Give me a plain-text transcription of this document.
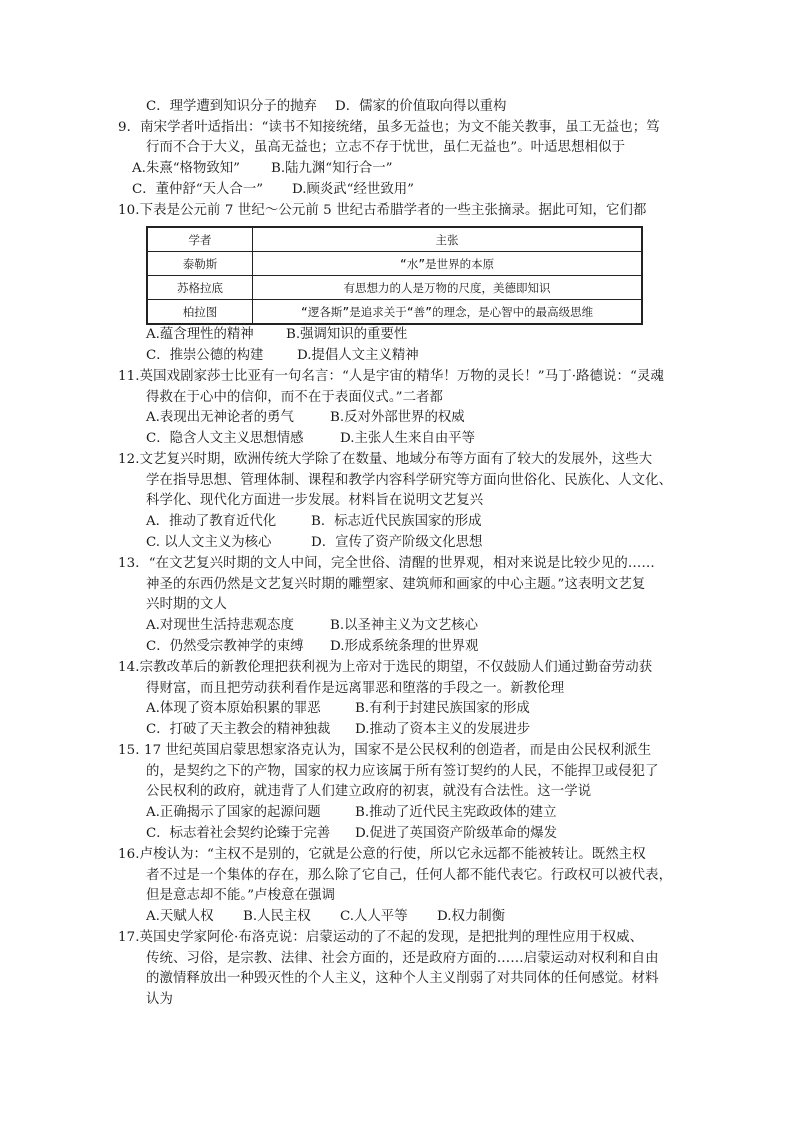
C．理学遭到知识分子的抛弃 D．儒家的价值取向得以重构
9．南宋学者叶适指出：“读书不知接统绪，虽多无益也；为文不能关教事，虽工无益也；笃
行而不合于大义，虽高无益也；立志不存于忧世，虽仁无益也”。叶适思想相似于
A.朱熹“格物致知” B.陆九渊“知行合一”
C．董仲舒“天人合一” D.顾炎武“经世致用”
10.下表是公元前 7 世纪～公元前 5 世纪古希腊学者的一些主张摘录。据此可知，它们都
学者	主张
泰勒斯	“水”是世界的本原
苏格拉底	有思想力的人是万物的尺度，美德即知识
柏拉图	“逻各斯”是追求关于“善”的理念，是心智中的最高级思维
A.蕴含理性的精神 B.强调知识的重要性
C．推崇公德的构建	D.提倡人文主义精神
11.英国戏剧家莎士比亚有一句名言：“人是宇宙的精华！万物的灵长！”马丁·路德说：“灵魂
得救在于心中的信仰，而不在于表面仪式。”二者都
A.表现出无神论者的勇气	B.反对外部世界的权威
C．隐含人文主义思想情感	D.主张人生来自由平等
12.文艺复兴时期，欧洲传统大学除了在数量、地域分布等方面有了较大的发展外，这些大
学在指导思想、管理体制、课程和教学内容科学研究等方面向世俗化、民族化、人文化、
科学化、现代化方面进一步发展。材料旨在说明文艺复兴
A．推动了教育近代化	B．标志近代民族国家的形成
C. 以人文主义为核心	D．宣传了资产阶级文化思想
13．“在文艺复兴时期的文人中间，完全世俗、清醒的世界观，相对来说是比较少见的……
神圣的东西仍然是文艺复兴时期的雕塑家、建筑师和画家的中心主题。”这表明文艺复
兴时期的文人
A.对现世生活持悲观态度	B.以圣神主义为文艺核心
C．仍然受宗教神学的束缚 D.形成系统条理的世界观
14.宗教改革后的新教伦理把获利视为上帝对于选民的期望，不仅鼓励人们通过勤奋劳动获
得财富，而且把劳动获利看作是远离罪恶和堕落的手段之一。新教伦理
A.体现了资本原始积累的罪恶	B.有利于封建民族国家的形成
C．打破了天主教会的精神独裁 D.推动了资本主义的发展进步
15. 17 世纪英国启蒙思想家洛克认为，国家不是公民权利的创造者，而是由公民权利派生
的，是契约之下的产物，国家的权力应该属于所有签订契约的人民，不能捍卫或侵犯了
公民权利的政府，就违背了人们建立政府的初衷，就没有合法性。这一学说
A.正确揭示了国家的起源问题	B.推动了近代民主宪政政体的建立
C．标志着社会契约论臻于完善 D.促进了英国资产阶级革命的爆发
16.卢梭认为：“主权不是别的，它就是公意的行使，所以它永远都不能被转让。既然主权
者不过是一个集体的存在，那么除了它自己，任何人都不能代表它。行政权可以被代表，
但是意志却不能。”卢梭意在强调
A.天赋人权 B.人民主权 C.人人平等 D.权力制衡
17.英国史学家阿伦·布洛克说：启蒙运动的了不起的发现，是把批判的理性应用于权威、
传统、习俗，是宗教、法律、社会方面的，还是政府方面的……启蒙运动对权利和自由
的激情释放出一种毁灭性的个人主义，这种个人主义削弱了对共同体的任何感觉。材料
认为
